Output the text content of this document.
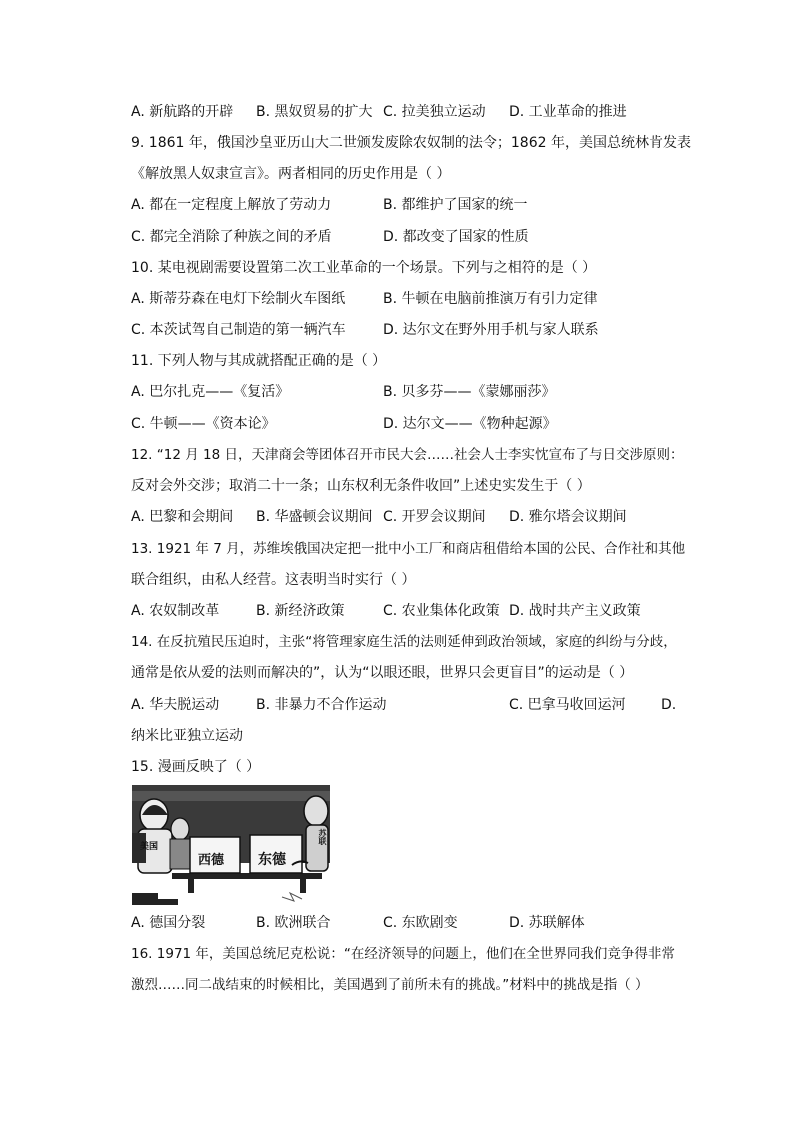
A. 新航路的开辟 B. 黑奴贸易的扩大 C. 拉美独立运动 D. 工业革命的推进
9. 1861 年，俄国沙皇亚历山大二世颁发废除农奴制的法令；1862 年，美国总统林肯发表
《解放黑人奴隶宣言》。两者相同的历史作用是（ ）
A. 都在一定程度上解放了劳动力	B. 都维护了国家的统一
C. 都完全消除了种族之间的矛盾	D. 都改变了国家的性质
10. 某电视剧需要设置第二次工业革命的一个场景。下列与之相符的是（ ）
A. 斯蒂芬森在电灯下绘制火车图纸	B. 牛顿在电脑前推演万有引力定律
C. 本茨试驾自己制造的第一辆汽车	D. 达尔文在野外用手机与家人联系
11. 下列人物与其成就搭配正确的是（ ）
A. 巴尔扎克——《复活》	B. 贝多芬——《蒙娜丽莎》
C. 牛顿——《资本论》	D. 达尔文——《物种起源》
12. “12 月 18 日，天津商会等团体召开市民大会……社会人士李实忱宣布了与日交涉原则：
反对会外交涉；取消二十一条；山东权利无条件收回”上述史实发生于（ ）
A. 巴黎和会期间 B. 华盛顿会议期间 C. 开罗会议期间 D. 雅尔塔会议期间
13. 1921 年 7 月，苏维埃俄国决定把一批中小工厂和商店租借给本国的公民、合作社和其他
联合组织，由私人经营。这表明当时实行（ ）
A. 农奴制改革	B. 新经济政策	C. 农业集体化政策 D. 战时共产主义政策
14. 在反抗殖民压迫时，主张“将管理家庭生活的法则延伸到政治领域，家庭的纠纷与分歧，
通常是依从爱的法则而解决的”，认为“以眼还眼，世界只会更盲目”的运动是（ ）
A. 华夫脱运动	B. 非暴力不合作运动	C. 巴拿马收回运河	D.
纳米比亚独立运动
15. 漫画反映了（ ）
美国
西德 东德
苏联
A. 德国分裂	B. 欧洲联合	C. 东欧剧变	D. 苏联解体
16. 1971 年，美国总统尼克松说：“在经济领导的问题上，他们在全世界同我们竞争得非常
激烈……同二战结束的时候相比，美国遇到了前所未有的挑战。”材料中的挑战是指（ ）
